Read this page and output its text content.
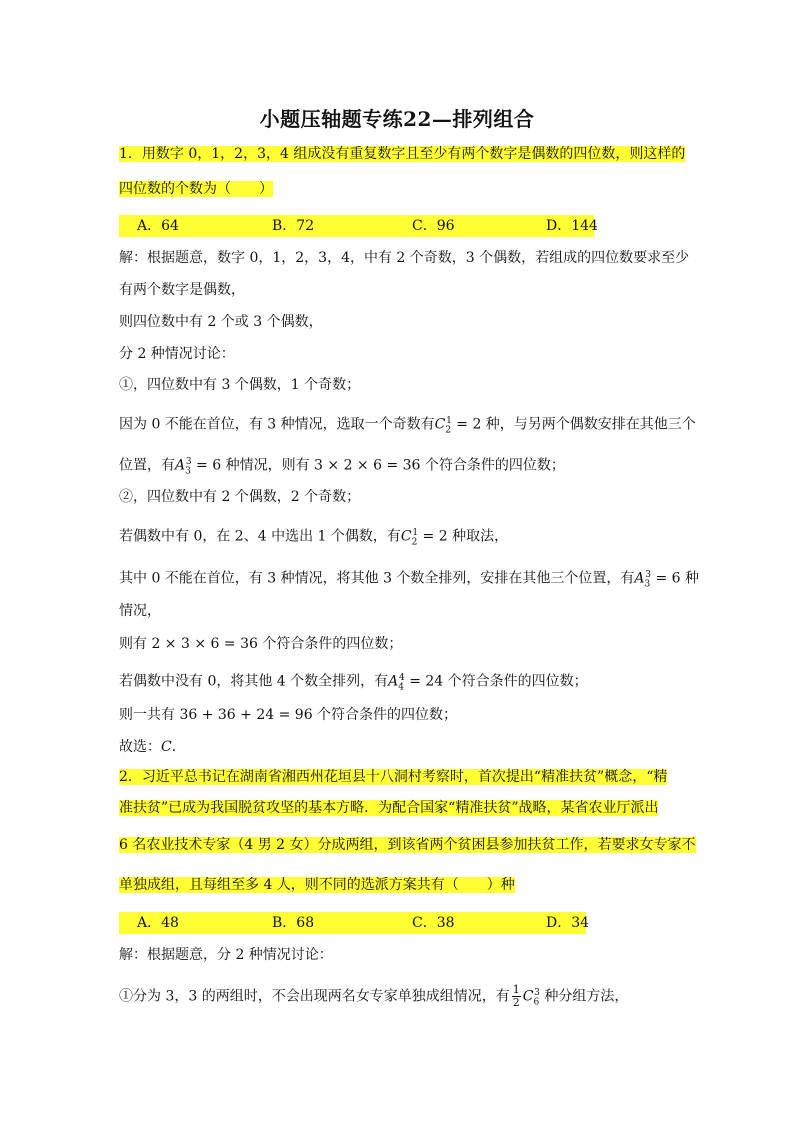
小题压轴题专练22—排列组合
1．用数字 0，1，2，3，4 组成没有重复数字且至少有两个数字是偶数的四位数，则这样的
四位数的个数为（　　）
A．64	B．72	C．96	D．144
解：根据题意，数字 0，1，2，3，4，中有 2 个奇数，3 个偶数，若组成的四位数要求至少
有两个数字是偶数，
则四位数中有 2 个或 3 个偶数，
分 2 种情况讨论：
①，四位数中有 3 个偶数，1 个奇数；
因为 0 不能在首位，有 3 种情况，选取一个奇数有$C_2^1 = 2$ 种，与另两个偶数安排在其他三个
位置，有$A_3^3 = 6$ 种情况，则有 3 × 2 × 6 = 36 个符合条件的四位数；
②，四位数中有 2 个偶数，2 个奇数；
若偶数中有 0，在 2、4 中选出 1 个偶数，有$C_2^1 = 2$ 种取法，
其中 0 不能在首位，有 3 种情况，将其他 3 个数全排列，安排在其他三个位置，有$A_3^3 = 6$ 种
情况，
则有 2 × 3 × 6 = 36 个符合条件的四位数；
若偶数中没有 0，将其他 4 个数全排列，有$A_4^4 = 24$ 个符合条件的四位数；
则一共有 36 + 36 + 24 = 96 个符合条件的四位数；
故选：C．
2．习近平总书记在湖南省湘西州花垣县十八洞村考察时，首次提出“精准扶贫”概念，“精
准扶贫”已成为我国脱贫攻坚的基本方略．为配合国家“精准扶贫”战略，某省农业厅派出
6 名农业技术专家（4 男 2 女）分成两组，到该省两个贫困县参加扶贫工作，若要求女专家不
单独成组，且每组至多 4 人，则不同的选派方案共有（　　）种
A．48	B．68	C．38	D．34
解：根据题意，分 2 种情况讨论：
①分为 3，3 的两组时，不会出现两名女专家单独成组情况，有 $\frac{1}{2} C_6^3$ 种分组方法，
